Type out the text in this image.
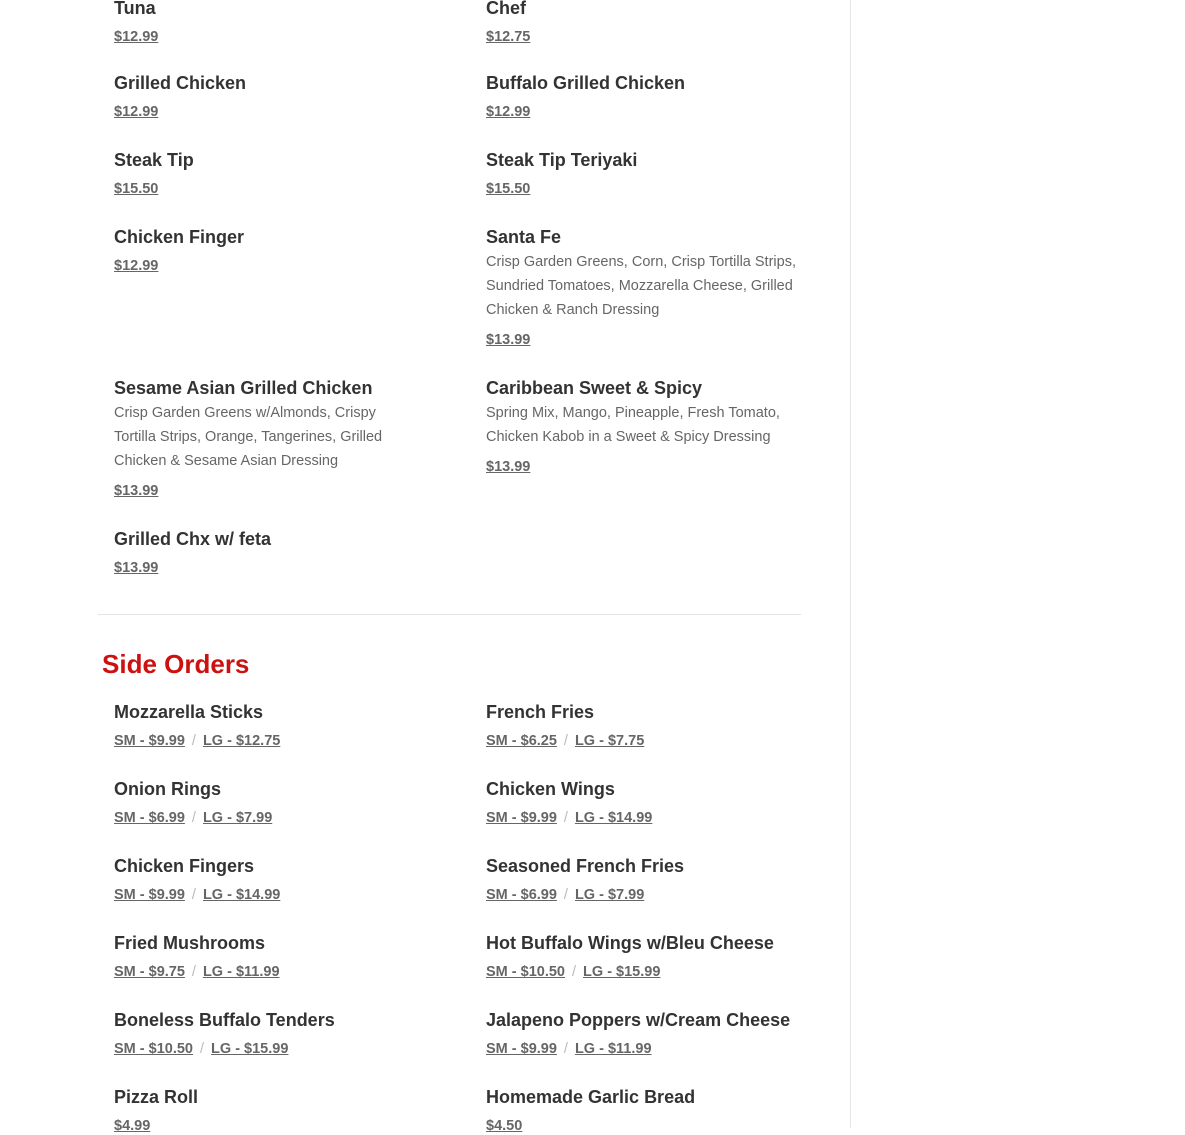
Tuna
$12.99
Chef
$12.75
Grilled Chicken
$12.99
Buffalo Grilled Chicken
$12.99
Steak Tip
$15.50
Steak Tip Teriyaki
$15.50
Chicken Finger
$12.99
Santa Fe

Crisp Garden Greens, Corn, Crisp Tortilla Strips, Sundried Tomatoes, Mozzarella Cheese, Grilled Chicken & Ranch Dressing

$13.99
Sesame Asian Grilled Chicken

Crisp Garden Greens w/Almonds, Crispy Tortilla Strips, Orange, Tangerines, Grilled Chicken & Sesame Asian Dressing

$13.99
Caribbean Sweet & Spicy

Spring Mix, Mango, Pineapple, Fresh Tomato, Chicken Kabob in a Sweet & Spicy Dressing

$13.99
Grilled Chx w/ feta
$13.99
Side Orders
Mozzarella Sticks
SM - $9.99 / LG - $12.75
French Fries
SM - $6.25 / LG - $7.75
Onion Rings
SM - $6.99 / LG - $7.99
Chicken Wings
SM - $9.99 / LG - $14.99
Chicken Fingers
SM - $9.99 / LG - $14.99
Seasoned French Fries
SM - $6.99 / LG - $7.99
Fried Mushrooms
SM - $9.75 / LG - $11.99
Hot Buffalo Wings w/Bleu Cheese
SM - $10.50 / LG - $15.99
Boneless Buffalo Tenders
SM - $10.50 / LG - $15.99
Jalapeno Poppers w/Cream Cheese
SM - $9.99 / LG - $11.99
Pizza Roll
$4.99
Homemade Garlic Bread
$4.50
